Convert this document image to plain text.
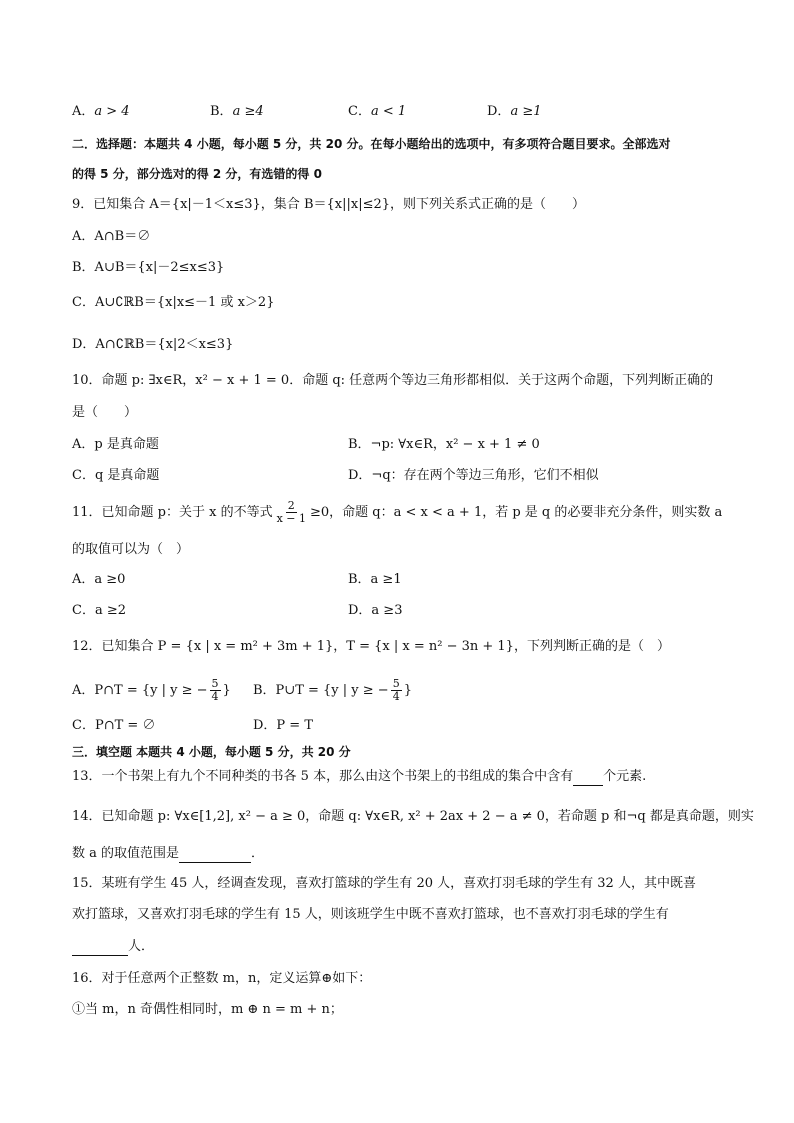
A．a > 4	B．a ≥4	C．a < 1	D．a ≥1
二．选择题：本题共 4 小题，每小题 5 分，共 20 分。在每小题给出的选项中，有多项符合题目要求。全部选对
的得 5 分，部分选对的得 2 分，有选错的得 0
9．已知集合 A＝{x|－1＜x≤3}，集合 B＝{x||x|≤2}，则下列关系式正确的是（　　）
A．A∩B＝∅
B．A∪B＝{x|－2≤x≤3}
C．A∪∁ℝB＝{x|x≤－1 或 x＞2}
D．A∩∁ℝB＝{x|2＜x≤3}
10．命题 p: ∃x∈R，x² − x + 1 = 0．命题 q: 任意两个等边三角形都相似．关于这两个命题，下列判断正确的
是（　　）
A．p 是真命题	B．¬p: ∀x∈R，x² − x + 1 ≠ 0
C．q 是真命题	D．¬q：存在两个等边三角形，它们不相似
11．已知命题 p：关于 x 的不等式 $\frac{2}{x - 1} \ge 0$，命题 q：a < x < a + 1，若 p 是 q 的必要非充分条件，则实数 a
的取值可以为（　）
A．a ≥0	B．a ≥1
C．a ≥2	D．a ≥3
12．已知集合 P = {x | x = m² + 3m + 1}，T = {x | x = n² − 3n + 1}，下列判断正确的是（　）
A．P∩T = {y | y ≥ − $\frac{5}{4}$ } B．P∪T = {y | y ≥ − $\frac{5}{4}$ }
C．P∩T = ∅	D．P = T
三．填空题 本题共 4 小题，每小题 5 分，共 20 分
13．一个书架上有九个不同种类的书各 5 本，那么由这个书架上的书组成的集合中含有 个元素.
14．已知命题 p: ∀x∈[1,2], x² − a ≥ 0，命题 q: ∀x∈R, x² + 2ax + 2 − a ≠ 0，若命题 p 和¬q 都是真命题，则实
数 a 的取值范围是	．
15．某班有学生 45 人，经调查发现，喜欢打篮球的学生有 20 人，喜欢打羽毛球的学生有 32 人，其中既喜
欢打篮球，又喜欢打羽毛球的学生有 15 人，则该班学生中既不喜欢打篮球，也不喜欢打羽毛球的学生有
人．
16．对于任意两个正整数 m，n，定义运算⊕如下：
①当 m，n 奇偶性相同时，m ⊕ n = m + n；
